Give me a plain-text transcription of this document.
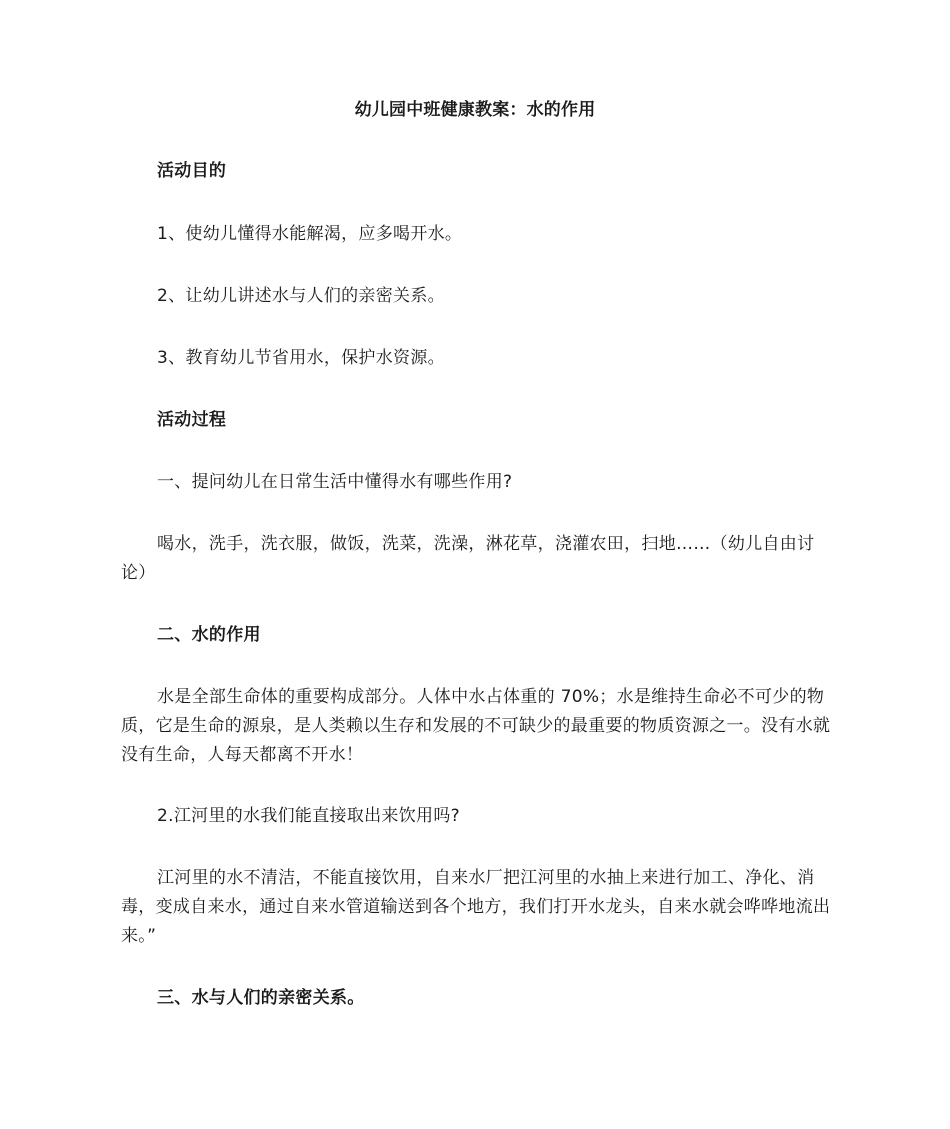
幼儿园中班健康教案：水的作用

活动目的

1、使幼儿懂得水能解渴，应多喝开水。

2、让幼儿讲述水与人们的亲密关系。

3、教育幼儿节省用水，保护水资源。

活动过程

一、提问幼儿在日常生活中懂得水有哪些作用?

喝水，洗手，洗衣服，做饭，洗菜，洗澡，淋花草，浇灌农田，扫地……（幼儿自由讨论）

二、水的作用

水是全部生命体的重要构成部分。人体中水占体重的 70%；水是维持生命必不可少的物质，它是生命的源泉，是人类赖以生存和发展的不可缺少的最重要的物质资源之一。没有水就没有生命，人每天都离不开水！

2.江河里的水我们能直接取出来饮用吗?

江河里的水不清洁，不能直接饮用，自来水厂把江河里的水抽上来进行加工、净化、消毒，变成自来水，通过自来水管道输送到各个地方，我们打开水龙头，自来水就会哗哗地流出来。”

三、水与人们的亲密关系。
